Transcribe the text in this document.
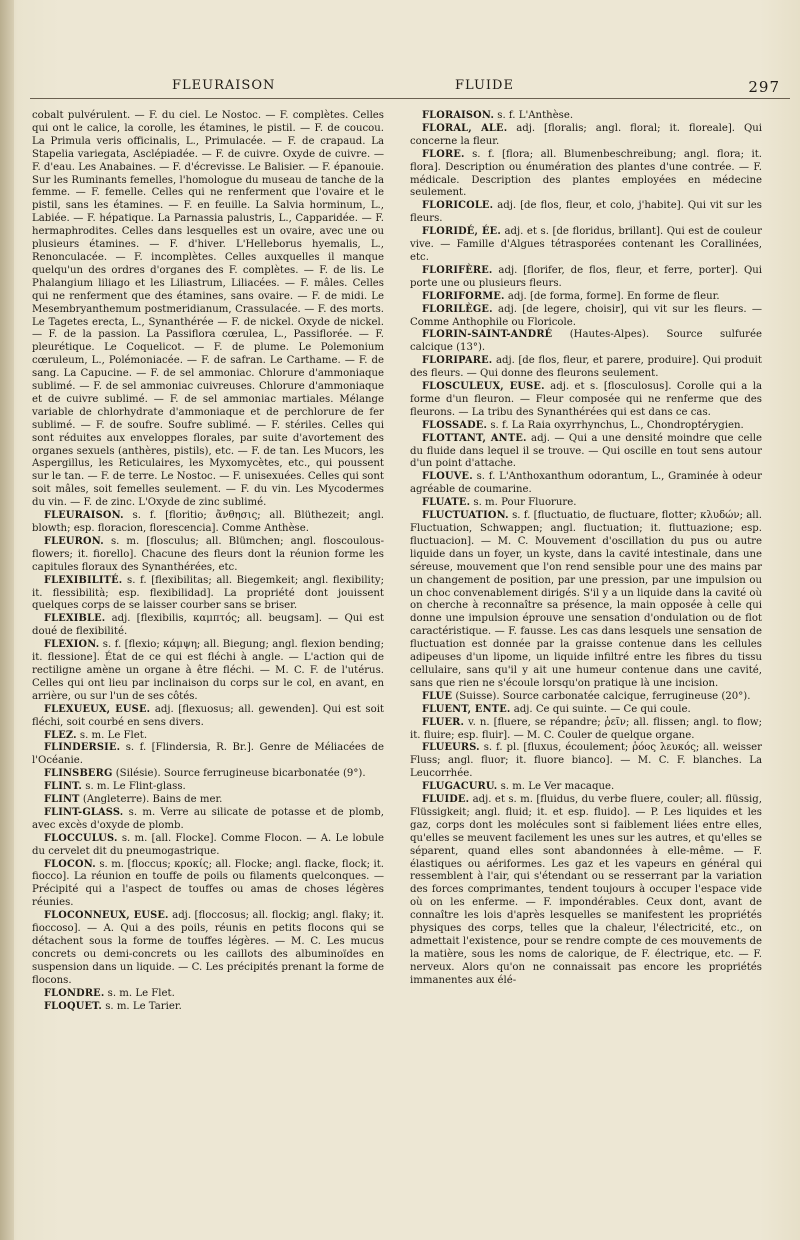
FLEURAISON	FLUIDE	297

cobalt pulvérulent. — F. du ciel. Le Nostoc. — F. complètes. Celles qui ont le calice, la corolle, les étamines, le pistil. — F. de coucou. La Primula veris officinalis, L., Primulacée. — F. de crapaud. La Stapelia variegata, Asclépiadée. — F. de cuivre. Oxyde de cuivre. — F. d'eau. Les Anabaines. — F. d'écrevisse. Le Balisier. — F. épanouie. Sur les Ruminants femelles, l'homologue du museau de tanche de la femme. — F. femelle. Celles qui ne renferment que l'ovaire et le pistil, sans les étamines. — F. en feuille. La Salvia horminum, L., Labiée. — F. hépatique. La Parnassia palustris, L., Capparidée. — F. hermaphrodites. Celles dans lesquelles est un ovaire, avec une ou plusieurs étamines. — F. d'hiver. L'Helleborus hyemalis, L., Renonculacée. — F. incomplètes. Celles auxquelles il manque quelqu'un des ordres d'organes des F. complètes. — F. de lis. Le Phalangium liliago et les Liliastrum, Liliacées. — F. mâles. Celles qui ne renferment que des étamines, sans ovaire. — F. de midi. Le Mesembryanthemum postmeridianum, Crassulacée. — F. des morts. Le Tagetes erecta, L., Synanthérée — F. de nickel. Oxyde de nickel. — F. de la passion. La Passiflora cœrulea, L., Passiflorée. — F. pleurétique. Le Coquelicot. — F. de plume. Le Polemonium cœruleum, L., Polémoniacée. — F. de safran. Le Carthame. — F. de sang. La Capucine. — F. de sel ammoniac. Chlorure d'ammoniaque sublimé. — F. de sel ammoniac cuivreuses. Chlorure d'ammoniaque et de cuivre sublimé. — F. de sel ammoniac martiales. Mélange variable de chlorhydrate d'ammoniaque et de perchlorure de fer sublimé. — F. de soufre. Soufre sublimé. — F. stériles. Celles qui sont réduites aux enveloppes florales, par suite d'avortement des organes sexuels (anthères, pistils), etc. — F. de tan. Les Mucors, les Aspergillus, les Reticulaires, les Myxomycètes, etc., qui poussent sur le tan. — F. de terre. Le Nostoc. — F. unisexuées. Celles qui sont soit mâles, soit femelles seulement. — F. du vin. Les Mycodermes du vin. — F. de zinc. L'Oxyde de zinc sublimé.

FLEURAISON. s. f. [floritio; ἄνθησις; all. Blüthezeit; angl. blowth; esp. floracion, florescencia]. Comme Anthèse.

FLEURON. s. m. [flosculus; all. Blümchen; angl. floscoulous-flowers; it. fiorello]. Chacune des fleurs dont la réunion forme les capitules floraux des Synanthérées, etc.

FLEXIBILITÉ. s. f. [flexibilitas; all. Biegemkeit; angl. flexibility; it. flessibilità; esp. flexibilidad]. La propriété dont jouissent quelques corps de se laisser courber sans se briser.

FLEXIBLE. adj. [flexibilis, καμπτός; all. beugsam]. — Qui est doué de flexibilité.

FLEXION. s. f. [flexio; κάμψη; all. Biegung; angl. flexion bending; it. flessione]. État de ce qui est fléchi à angle. — L'action qui de rectiligne amène un organe à être fléchi. — M. C. F. de l'utérus. Celles qui ont lieu par inclinaison du corps sur le col, en avant, en arrière, ou sur l'un de ses côtés.

FLEXUEUX, EUSE. adj. [flexuosus; all. gewenden]. Qui est soit fléchi, soit courbé en sens divers.

FLEZ. s. m. Le Flet.

FLINDERSIE. s. f. [Flindersia, R. Br.]. Genre de Méliacées de l'Océanie.

FLINSBERG (Silésie). Source ferrugineuse bicarbonatée (9°).

FLINT. s. m. Le Flint-glass.

FLINT (Angleterre). Bains de mer.

FLINT-GLASS. s. m. Verre au silicate de potasse et de plomb, avec excès d'oxyde de plomb.

FLOCCULUS. s. m. [all. Flocke]. Comme Flocon. — A. Le lobule du cervelet dit du pneumogastrique.

FLOCON. s. m. [floccus; κροκίς; all. Flocke; angl. flacke, flock; it. fiocco]. La réunion en touffe de poils ou filaments quelconques. — Précipité qui a l'aspect de touffes ou amas de choses légères réunies.

FLOCONNEUX, EUSE. adj. [floccosus; all. flockig; angl. flaky; it. fioccoso]. — A. Qui a des poils, réunis en petits flocons qui se détachent sous la forme de touffes légères. — M. C. Les mucus concrets ou demi-concrets ou les caillots des albuminoïdes en suspension dans un liquide. — C. Les précipités prenant la forme de flocons.

FLONDRE. s. m. Le Flet.

FLOQUET. s. m. Le Tarier.

FLORAISON. s. f. L'Anthèse.

FLORAL, ALE. adj. [floralis; angl. floral; it. floreale]. Qui concerne la fleur.

FLORE. s. f. [flora; all. Blumenbeschreibung; angl. flora; it. flora]. Description ou énumération des plantes d'une contrée. — F. médicale. Description des plantes employées en médecine seulement.

FLORICOLE. adj. [de flos, fleur, et colo, j'habite]. Qui vit sur les fleurs.

FLORIDÉ, ÉE. adj. et s. [de floridus, brillant]. Qui est de couleur vive. — Famille d'Algues tétrasporées contenant les Corallinées, etc.

FLORIFÈRE. adj. [florifer, de flos, fleur, et ferre, porter]. Qui porte une ou plusieurs fleurs.

FLORIFORME. adj. [de forma, forme]. En forme de fleur.

FLORILÈGE. adj. [de legere, choisir], qui vit sur les fleurs. — Comme Anthophile ou Floricole.

FLORIN-SAINT-ANDRÉ (Hautes-Alpes). Source sulfurée calcique (13°).

FLORIPARE. adj. [de flos, fleur, et parere, produire]. Qui produit des fleurs. — Qui donne des fleurons seulement.

FLOSCULEUX, EUSE. adj. et s. [flosculosus]. Corolle qui a la forme d'un fleuron. — Fleur composée qui ne renferme que des fleurons. — La tribu des Synanthérées qui est dans ce cas.

FLOSSADE. s. f. La Raia oxyrrhynchus, L., Chondroptérygien.

FLOTTANT, ANTE. adj. — Qui a une densité moindre que celle du fluide dans lequel il se trouve. — Qui oscille en tout sens autour d'un point d'attache.

FLOUVE. s. f. L'Anthoxanthum odorantum, L., Graminée à odeur agréable de coumarine.

FLUATE. s. m. Pour Fluorure.

FLUCTUATION. s. f. [fluctuatio, de fluctuare, flotter; κλυδών; all. Fluctuation, Schwappen; angl. fluctuation; it. fluttuazione; esp. fluctuacion]. — M. C. Mouvement d'oscillation du pus ou autre liquide dans un foyer, un kyste, dans la cavité intestinale, dans une séreuse, mouvement que l'on rend sensible pour une des mains par un changement de position, par une pression, par une impulsion ou un choc convenablement dirigés. S'il y a un liquide dans la cavité où on cherche à reconnaître sa présence, la main opposée à celle qui donne une impulsion éprouve une sensation d'ondulation ou de flot caractéristique. — F. fausse. Les cas dans lesquels une sensation de fluctuation est donnée par la graisse contenue dans les cellules adipeuses d'un lipome, un liquide infiltré entre les fibres du tissu cellulaire, sans qu'il y ait une humeur contenue dans une cavité, sans que rien ne s'écoule lorsqu'on pratique là une incision.

FLUE (Suisse). Source carbonatée calcique, ferrugineuse (20°).

FLUENT, ENTE. adj. Ce qui suinte. — Ce qui coule.

FLUER. v. n. [fluere, se répandre; ῥεῖν; all. flissen; angl. to flow; it. fluire; esp. fluir]. — M. C. Couler de quelque organe.

FLUEURS. s. f. pl. [fluxus, écoulement; ῥόος λευκός; all. weisser Fluss; angl. fluor; it. fluore bianco]. — M. C. F. blanches. La Leucorrhée.

FLUGACURU. s. m. Le Ver macaque.

FLUIDE. adj. et s. m. [fluidus, du verbe fluere, couler; all. flüssig, Flüssigkeit; angl. fluid; it. et esp. fluido]. — P. Les liquides et les gaz, corps dont les molécules sont si faiblement liées entre elles, qu'elles se meuvent facilement les unes sur les autres, et qu'elles se séparent, quand elles sont abandonnées à elle-même. — F. élastiques ou aériformes. Les gaz et les vapeurs en général qui ressemblent à l'air, qui s'étendant ou se resserrant par la variation des forces comprimantes, tendent toujours à occuper l'espace vide où on les enferme. — F. impondérables. Ceux dont, avant de connaître les lois d'après lesquelles se manifestent les propriétés physiques des corps, telles que la chaleur, l'électricité, etc., on admettait l'existence, pour se rendre compte de ces mouvements de la matière, sous les noms de calorique, de F. électrique, etc. — F. nerveux. Alors qu'on ne connaissait pas encore les propriétés immanentes aux élé-
